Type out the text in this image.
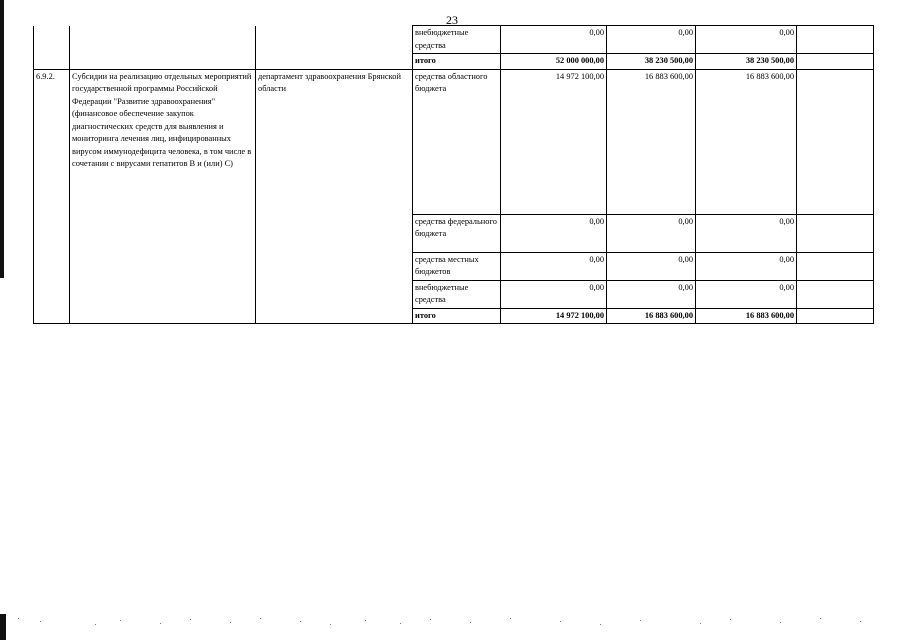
23
			внебюджетные средства	0,00	0,00	0,00	
			итого	52 000 000,00	38 230 500,00	38 230 500,00	
6.9.2.	Субсидии на реализацию отдельных мероприятий государственной программы Российской Федерации "Развитие здравоохранения" (финансовое обеспечение закупок диагностических средств для выявления и мониторинга лечения лиц, инфицированных вирусом иммунодефицита человека, в том числе в сочетании с вирусами гепатитов B и (или) C)	департамент здравоохранения Брянской области	средства областного бюджета	14 972 100,00	16 883 600,00	16 883 600,00	
			средства федерального бюджета	0,00	0,00	0,00	
			средства местных бюджетов	0,00	0,00	0,00	
			внебюджетные средства	0,00	0,00	0,00	
			итого	14 972 100,00	16 883 600,00	16 883 600,00	
